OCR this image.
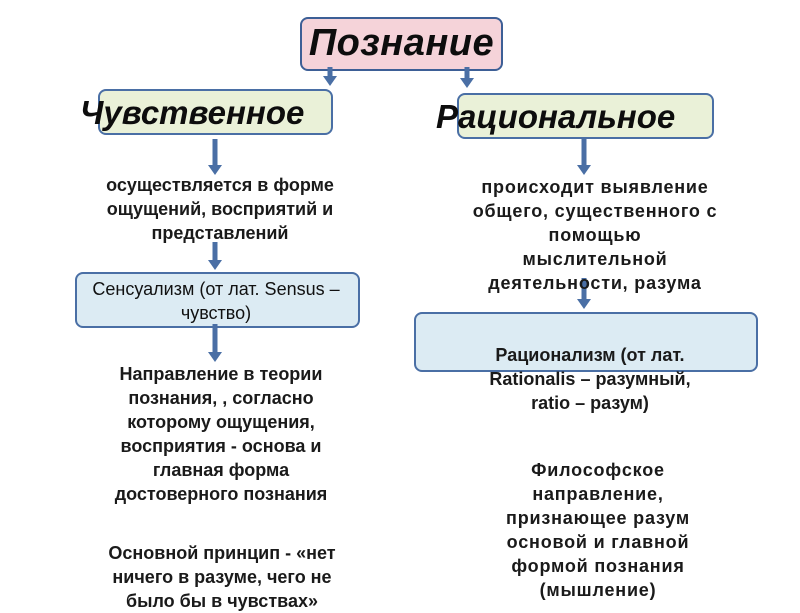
Познание
Чувственное
осуществляется в форме
ощущений, восприятий и
представлений
Сенсуализм (от лат. Sensus –
чувство)
Направление в теории
познания, , согласно
которому ощущения,
восприятия - основа и
главная форма
достоверного познания
Основной принцип - «нет
ничего в разуме, чего не
было бы в чувствах»
Рациональное
происходит выявление
общего, существенного с
помощью
мыслительной
деятельности, разума
Рационализм (от лат.
Rationalis – разумный,
ratio – разум)
Философское
направление,
признающее разум
основой и главной
формой познания
(мышление)
